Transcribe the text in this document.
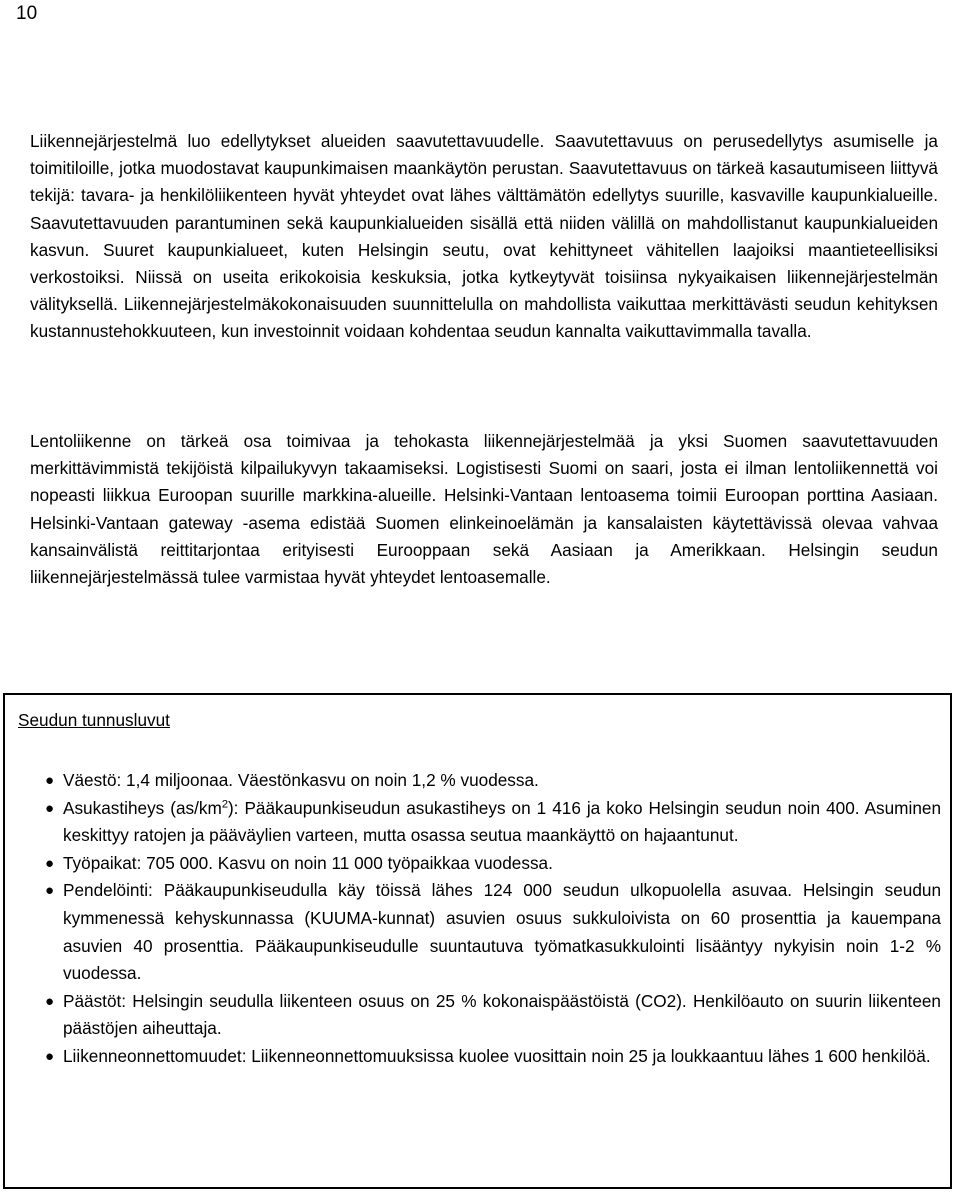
10

Liikennejärjestelmä luo edellytykset alueiden saavutettavuudelle. Saavutettavuus on perusedellytys asumiselle ja toimitiloille, jotka muodostavat kaupunkimaisen maankäytön perustan. Saavutettavuus on tärkeä kasautumiseen liittyvä tekijä: tavara- ja henkilöliikenteen hyvät yhteydet ovat lähes välttämätön edellytys suurille, kasvaville kaupunkialueille. Saavutettavuuden parantuminen sekä kaupunkialueiden sisällä että niiden välillä on mahdollistanut kaupunkialueiden kasvun. Suuret kaupunkialueet, kuten Helsingin seutu, ovat kehittyneet vähitellen laajoiksi maantieteellisiksi verkostoiksi. Niissä on useita erikokoisia keskuksia, jotka kytkeytyvät toisiinsa nykyaikaisen liikennejärjestelmän välityksellä. Liikennejärjestelmäkokonaisuuden suunnittelulla on mahdollista vaikuttaa merkittävästi seudun kehityksen kustannustehokkuuteen, kun investoinnit voidaan kohdentaa seudun kannalta vaikuttavimmalla tavalla.

Lentoliikenne on tärkeä osa toimivaa ja tehokasta liikennejärjestelmää ja yksi Suomen saavutettavuuden merkittävimmistä tekijöistä kilpailukyvyn takaamiseksi. Logistisesti Suomi on saari, josta ei ilman lentoliikennettä voi nopeasti liikkua Euroopan suurille markkina-alueille. Helsinki-Vantaan lentoasema toimii Euroopan porttina Aasiaan. Helsinki-Vantaan gateway -asema edistää Suomen elinkeinoelämän ja kansalaisten käytettävissä olevaa vahvaa kansainvälistä reittitarjontaa erityisesti Eurooppaan sekä Aasiaan ja Amerikkaan. Helsingin seudun liikennejärjestelmässä tulee varmistaa hyvät yhteydet lentoasemalle.

Seudun tunnusluvut
● Väestö: 1,4 miljoonaa. Väestönkasvu on noin 1,2 % vuodessa.
● Asukastiheys $(as/km^2)$: Pääkaupunkiseudun asukastiheys on 1 416 ja koko Helsingin seudun noin 400. Asuminen keskittyy ratojen ja pääväylien varteen, mutta osassa seutua maankäyttö on hajaantunut.
● Työpaikat: 705 000. Kasvu on noin 11 000 työpaikkaa vuodessa.
● Pendelöinti: Pääkaupunkiseudulla käy töissä lähes 124 000 seudun ulkopuolella asuvaa. Helsingin seudun kymmenessä kehyskunnassa (KUUMA-kunnat) asuvien osuus sukkuloivista on 60 prosenttia ja kauempana asuvien 40 prosenttia. Pääkaupunkiseudulle suuntautuva työmatkasukkulointi lisääntyy nykyisin noin 1-2 % vuodessa.
● Päästöt: Helsingin seudulla liikenteen osuus on 25 % kokonaispäästöistä (CO2). Henkilöauto on suurin liikenteen päästöjen aiheuttaja.
● Liikenneonnettomuudet: Liikenneonnettomuuksissa kuolee vuosittain noin 25 ja loukkaantuu lähes 1 600 henkilöä.
